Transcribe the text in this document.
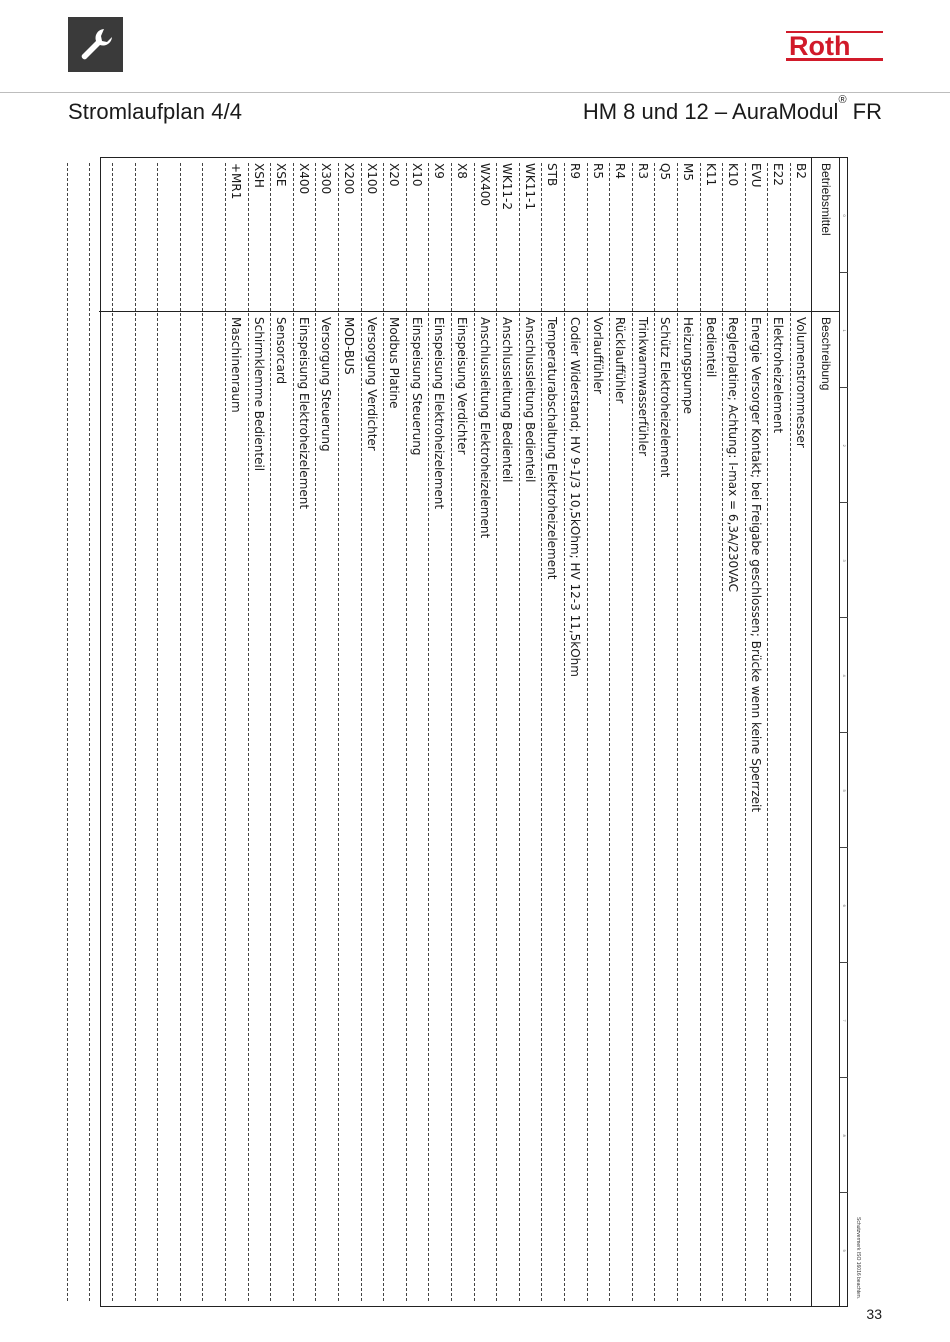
Roth
Stromlaufplan 4/4	HM 8 und 12 – AuraModul® FR
0
1
2
3
4
5
6
7
8
9
Betriebsmittel
Beschreibung
B2
Volumenstrommesser
E22
Elektroheizelement
EVU
Energie Versorger Kontakt; bei Freigabe geschlossen; Brücke wenn keine Sperrzeit
K10
Reglerplatine; Achtung: I-max = 6,3A/230VAC
K11
Bedienteil
M5
Heizungspumpe
Q5
Schütz Elektroheizelement
R3
Trinkwarmwasserfühler
R4
Rücklauffühler
R5
Vorlauffühler
R9
Codier Widerstand; HV 9-1/3 10,5kOhm; HV 12-3 11,5kOhm
STB
Temperaturabschaltung Elektroheizelement
WK11-1
Anschlussleitung Bedienteil
WK11-2
Anschlussleitung Bedienteil
WX400
Anschlussleitung Elektroheizelement
X8
Einspeisung Verdichter
X9
Einspeisung Elektroheizelement
X10
Einspeisung Steuerung
X20
Modbus Platine
X100
Versorgung Verdichter
X200
MOD-BUS
X300
Versorgung Steuerung
X400
Einspeisung Elektroheizelement
XSE
Sensorcard
XSH
Schirmklemme Bedienteil
+MR1
Maschinenraum
Schutzvermerk ISO 16016 beachten.
33
